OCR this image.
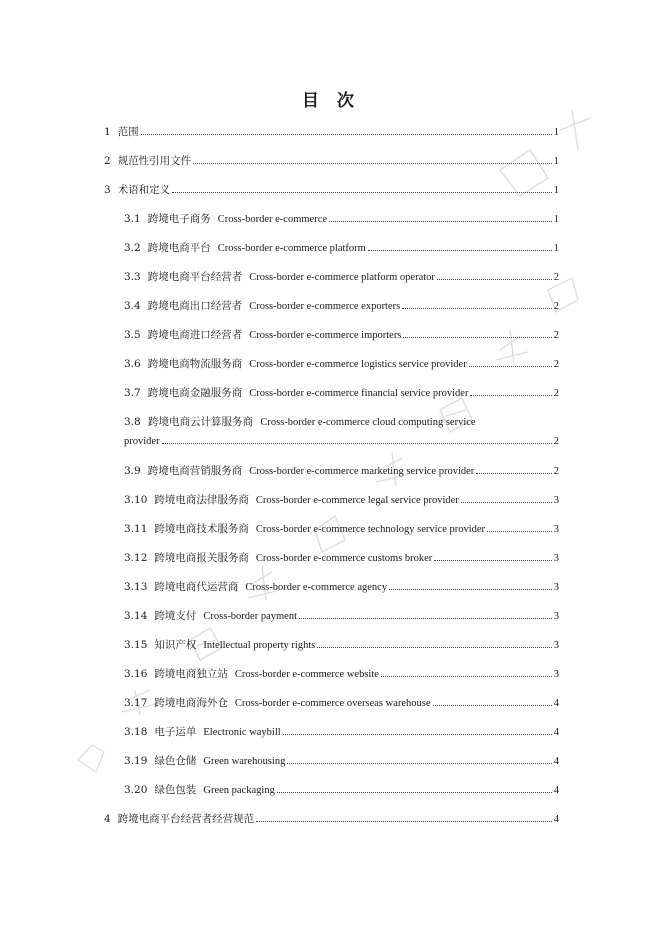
目 次
1 范围	1
2 规范性引用文件	1
3 术语和定义	1
3.1 跨境电子商务 Cross-border e-commerce	1
3.2 跨境电商平台 Cross-border e-commerce platform	1
3.3 跨境电商平台经营者 Cross-border e-commerce platform operator	2
3.4 跨境电商出口经营者 Cross-border e-commerce exporters	2
3.5 跨境电商进口经营者 Cross-border e-commerce importers	2
3.6 跨境电商物流服务商 Cross-border e-commerce logistics service provider	2
3.7 跨境电商金融服务商 Cross-border e-commerce financial service provider	2
3.8 跨境电商云计算服务商 Cross-border e-commerce cloud computing service
provider	2
3.9 跨境电商营销服务商 Cross-border e-commerce marketing service provider	2
3.10 跨境电商法律服务商 Cross-border e-commerce legal service provider	3
3.11 跨境电商技术服务商 Cross-border e-commerce technology service provider	3
3.12 跨境电商报关服务商 Cross-border e-commerce customs broker	3
3.13 跨境电商代运营商 Cross-border e-commerce agency	3
3.14 跨境支付 Cross-border payment	3
3.15 知识产权 Intellectual property rights	3
3.16 跨境电商独立站 Cross-border e-commerce website	3
3.17 跨境电商海外仓 Cross-border e-commerce overseas warehouse	4
3.18 电子运单 Electronic waybill	4
3.19 绿色仓储 Green warehousing	4
3.20 绿色包装 Green packaging	4
4 跨境电商平台经营者经营规范	4
